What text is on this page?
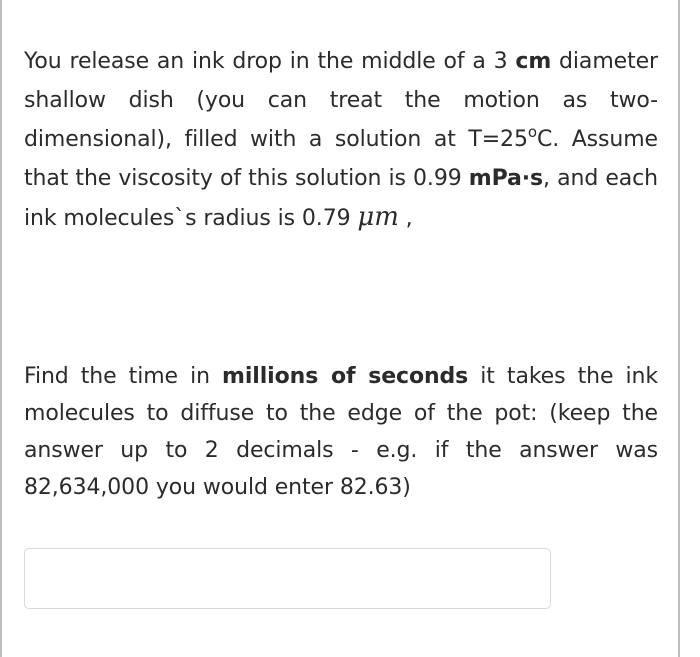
You release an ink drop in the middle of a 3 cm diameter shallow dish (you can treat the motion as two-dimensional), filled with a solution at $T=25^oC$. Assume that the viscosity of this solution is 0.99 mPa·s, and each ink molecules`s radius is 0.79 μm ,
Find the time in millions of seconds it takes the ink molecules to diffuse to the edge of the pot: (keep the answer up to 2 decimals - e.g. if the answer was 82,634,000 you would enter 82.63)
